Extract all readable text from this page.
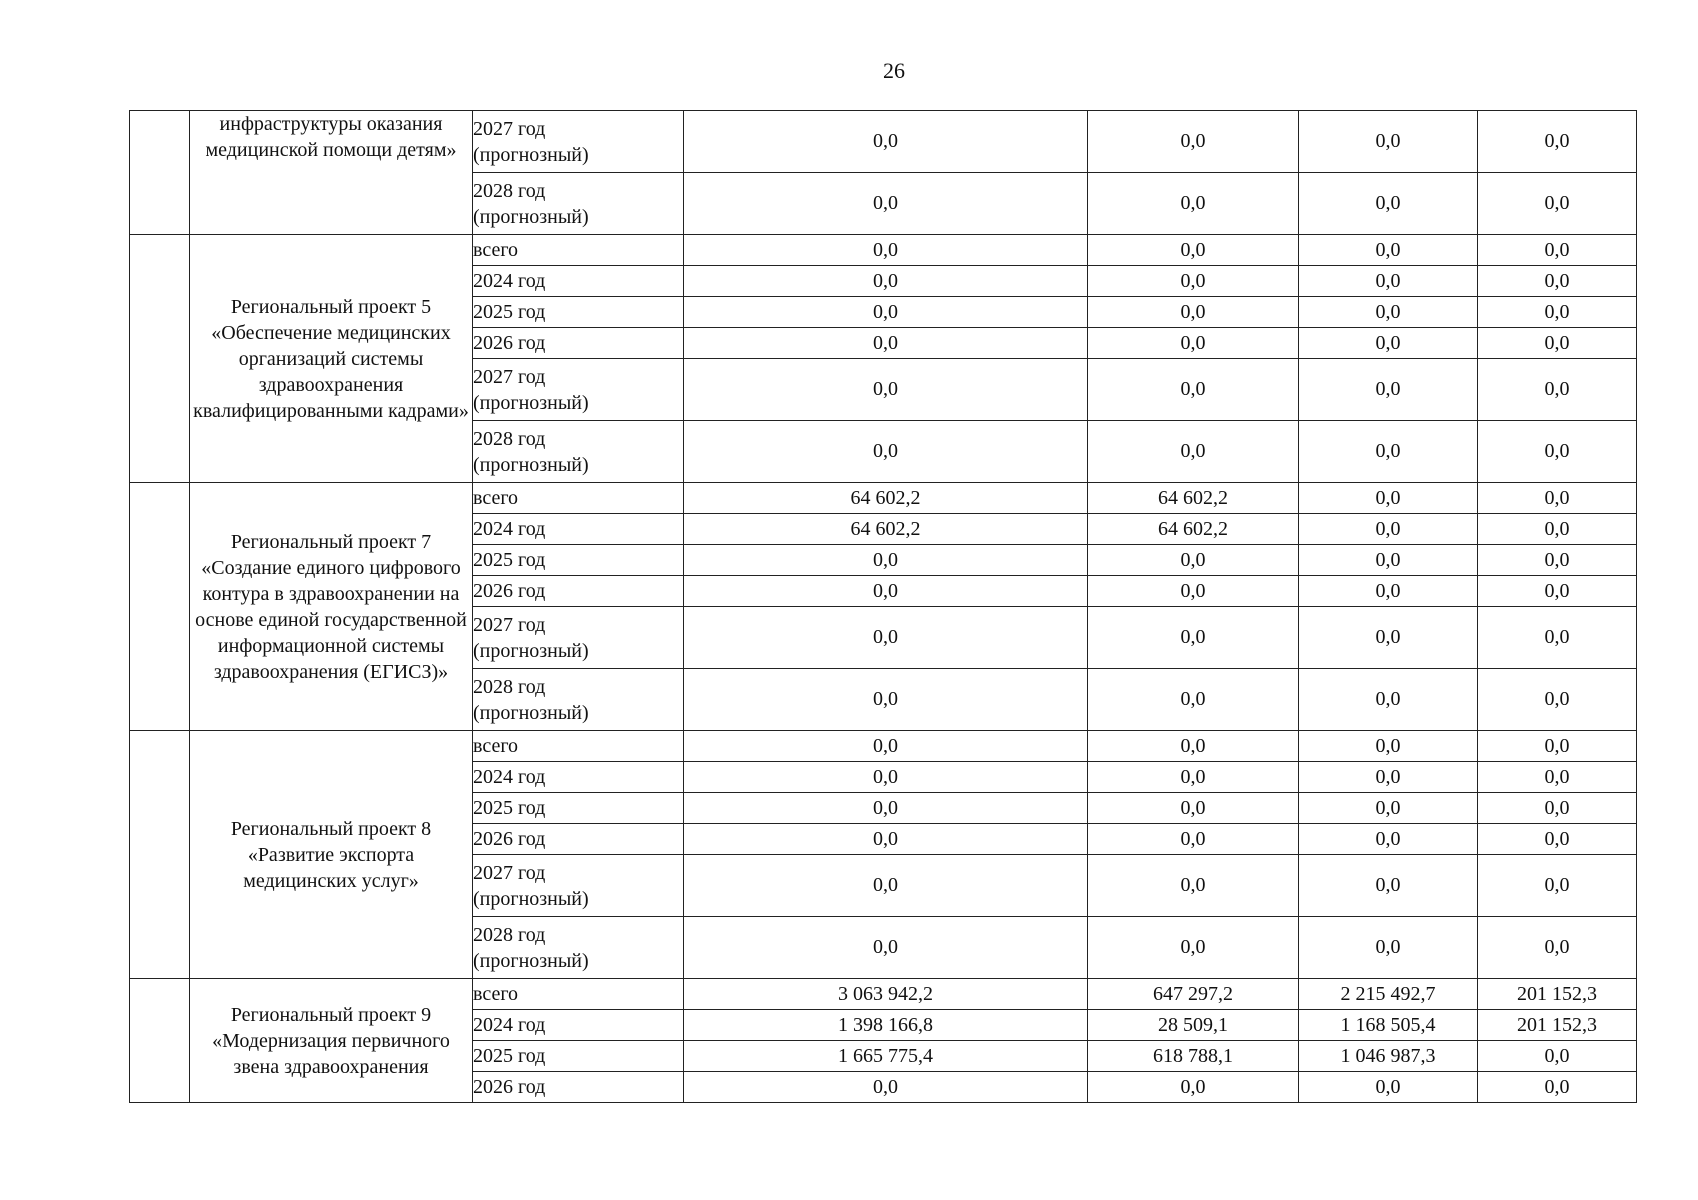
26
	инфраструктуры оказания медицинской помощи детям»	2027 год
(прогнозный)	0,0	0,0	0,0	0,0

		2028 год
(прогнозный)	0,0	0,0	0,0	0,0
	Региональный проект 5 «Обеспечение медицинских организаций системы здравоохранения квалифицированными кадрами»	всего	0,0	0,0	0,0	0,0

		2024 год	0,0	0,0	0,0	0,0

		2025 год	0,0	0,0	0,0	0,0

		2026 год	0,0	0,0	0,0	0,0

		2027 год
(прогнозный)	0,0	0,0	0,0	0,0

		2028 год
(прогнозный)	0,0	0,0	0,0	0,0
	Региональный проект 7 «Создание единого цифрового контура в здравоохранении на основе единой государственной информационной системы здравоохранения (ЕГИСЗ)»	всего	64 602,2	64 602,2	0,0	0,0

		2024 год	64 602,2	64 602,2	0,0	0,0

		2025 год	0,0	0,0	0,0	0,0

		2026 год	0,0	0,0	0,0	0,0

		2027 год
(прогнозный)	0,0	0,0	0,0	0,0

		2028 год
(прогнозный)	0,0	0,0	0,0	0,0
	Региональный проект 8 «Развитие экспорта медицинских услуг»	всего	0,0	0,0	0,0	0,0

		2024 год	0,0	0,0	0,0	0,0

		2025 год	0,0	0,0	0,0	0,0

		2026 год	0,0	0,0	0,0	0,0

		2027 год
(прогнозный)	0,0	0,0	0,0	0,0

		2028 год
(прогнозный)	0,0	0,0	0,0	0,0
	Региональный проект 9 «Модернизация первичного звена здравоохранения	всего	3 063 942,2	647 297,2	2 215 492,7	201 152,3

		2024 год	1 398 166,8	28 509,1	1 168 505,4	201 152,3

		2025 год	1 665 775,4	618 788,1	1 046 987,3	0,0

		2026 год	0,0	0,0	0,0	0,0
